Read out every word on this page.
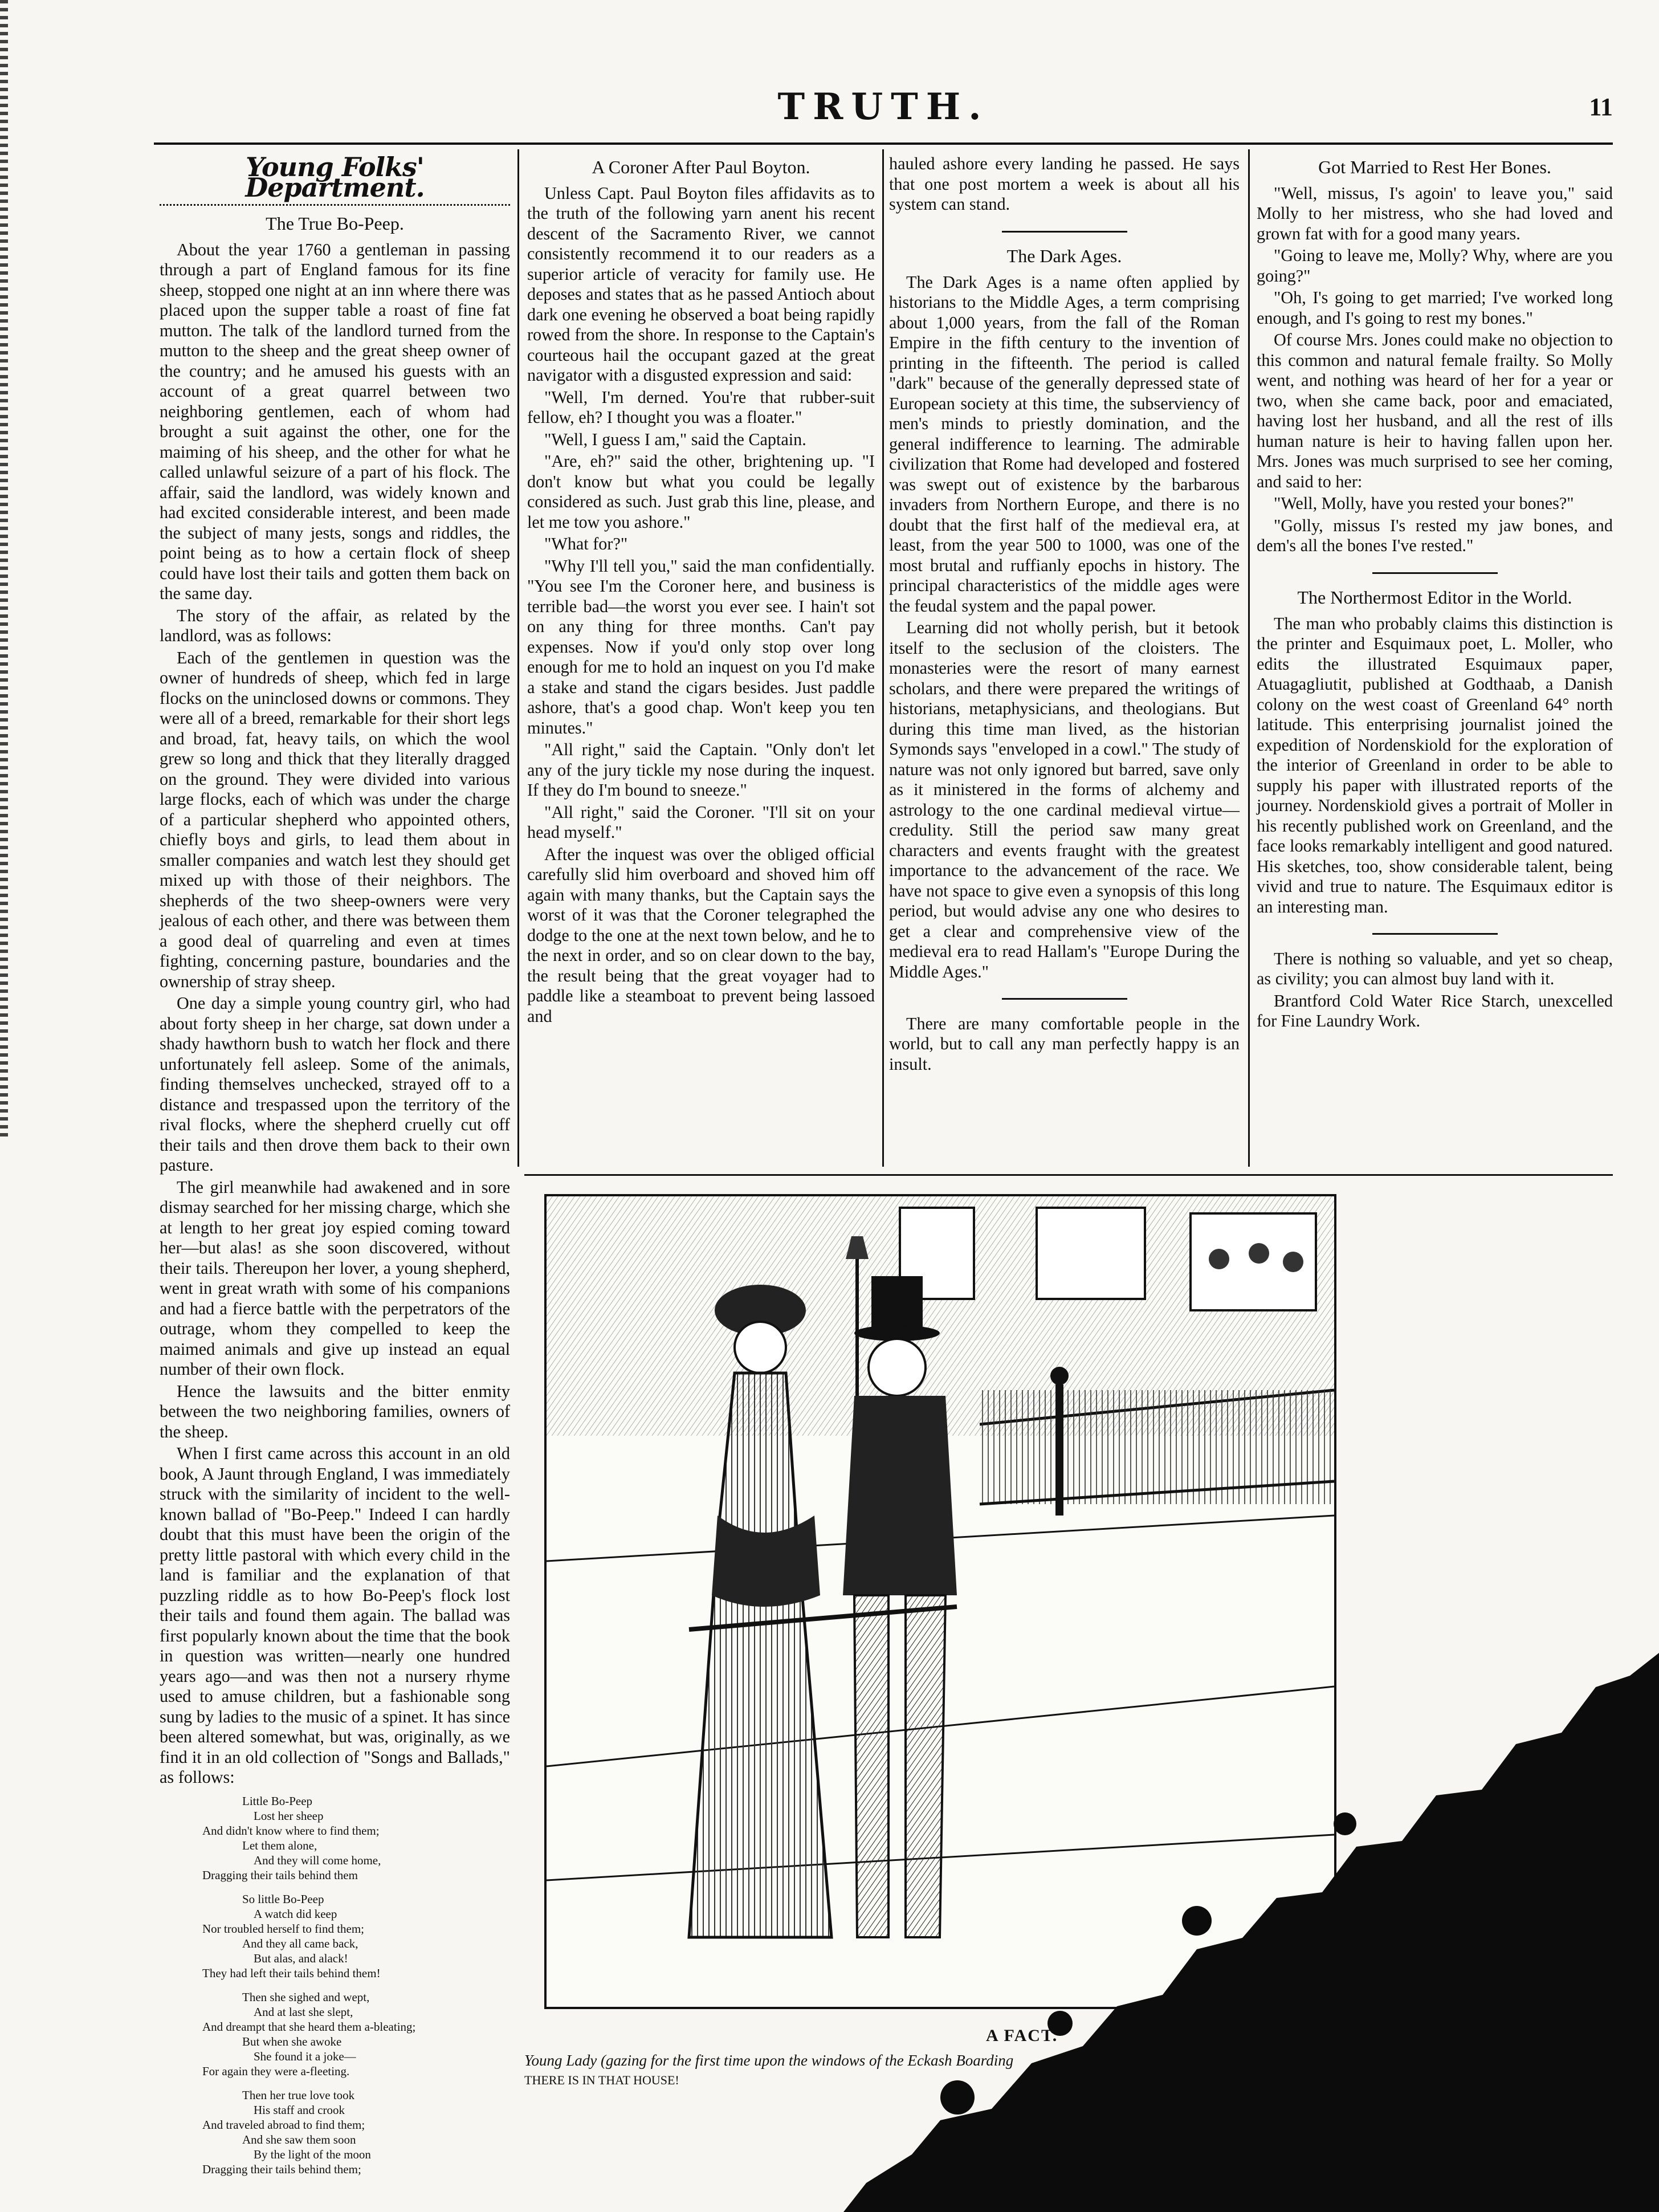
TRUTH.	11
Young Folks' Department.
The True Bo-Peep.

About the year 1760 a gentleman in passing through a part of England famous for its fine sheep, stopped one night at an inn where there was placed upon the supper table a roast of fine fat mutton. The talk of the landlord turned from the mutton to the sheep and the great sheep owner of the country; and he amused his guests with an account of a great quarrel between two neighboring gentlemen, each of whom had brought a suit against the other, one for the maiming of his sheep, and the other for what he called unlawful seizure of a part of his flock. The affair, said the landlord, was widely known and had excited considerable interest, and been made the subject of many jests, songs and riddles, the point being as to how a certain flock of sheep could have lost their tails and gotten them back on the same day.

The story of the affair, as related by the landlord, was as follows:

Each of the gentlemen in question was the owner of hundreds of sheep, which fed in large flocks on the uninclosed downs or commons. They were all of a breed, remarkable for their short legs and broad, fat, heavy tails, on which the wool grew so long and thick that they literally dragged on the ground. They were divided into various large flocks, each of which was under the charge of a particular shepherd who appointed others, chiefly boys and girls, to lead them about in smaller companies and watch lest they should get mixed up with those of their neighbors. The shepherds of the two sheep-owners were very jealous of each other, and there was between them a good deal of quarreling and even at times fighting, concerning pasture, boundaries and the ownership of stray sheep.

One day a simple young country girl, who had about forty sheep in her charge, sat down under a shady hawthorn bush to watch her flock and there unfortunately fell asleep. Some of the animals, finding themselves unchecked, strayed off to a distance and trespassed upon the territory of the rival flocks, where the shepherd cruelly cut off their tails and then drove them back to their own pasture.

The girl meanwhile had awakened and in sore dismay searched for her missing charge, which she at length to her great joy espied coming toward her—but alas! as she soon discovered, without their tails. Thereupon her lover, a young shepherd, went in great wrath with some of his companions and had a fierce battle with the perpetrators of the outrage, whom they compelled to keep the maimed animals and give up instead an equal number of their own flock.

Hence the lawsuits and the bitter enmity between the two neighboring families, owners of the sheep.

When I first came across this account in an old book, A Jaunt through England, I was immediately struck with the similarity of incident to the well-known ballad of "Bo-Peep." Indeed I can hardly doubt that this must have been the origin of the pretty little pastoral with which every child in the land is familiar and the explanation of that puzzling riddle as to how Bo-Peep's flock lost their tails and found them again. The ballad was first popularly known about the time that the book in question was written—nearly one hundred years ago—and was then not a nursery rhyme used to amuse children, but a fashionable song sung by ladies to the music of a spinet. It has since been altered somewhat, but was, originally, as we find it in an old collection of "Songs and Ballads," as follows:

Little Bo-Peep
Lost her sheep
And didn't know where to find them;
Let them alone,
And they will come home,
Dragging their tails behind them
So little Bo-Peep
A watch did keep
Nor troubled herself to find them;
And they all came back,
But alas, and alack!
They had left their tails behind them!
Then she sighed and wept,
And at last she slept,
And dreampt that she heard them a-bleating;
But when she awoke
She found it a joke—
For again they were a-fleeting.
Then her true love took
His staff and crook
And traveled abroad to find them;
And she saw them soon
By the light of the moon
Dragging their tails behind them;
A Coroner After Paul Boyton.

Unless Capt. Paul Boyton files affidavits as to the truth of the following yarn anent his recent descent of the Sacramento River, we cannot consistently recommend it to our readers as a superior article of veracity for family use. He deposes and states that as he passed Antioch about dark one evening he observed a boat being rapidly rowed from the shore. In response to the Captain's courteous hail the occupant gazed at the great navigator with a disgusted expression and said:

"Well, I'm derned. You're that rubber-suit fellow, eh? I thought you was a floater."

"Well, I guess I am," said the Captain.

"Are, eh?" said the other, brightening up. "I don't know but what you could be legally considered as such. Just grab this line, please, and let me tow you ashore."

"What for?"

"Why I'll tell you," said the man confidentially. "You see I'm the Coroner here, and business is terrible bad—the worst you ever see. I hain't sot on any thing for three months. Can't pay expenses. Now if you'd only stop over long enough for me to hold an inquest on you I'd make a stake and stand the cigars besides. Just paddle ashore, that's a good chap. Won't keep you ten minutes."

"All right," said the Captain. "Only don't let any of the jury tickle my nose during the inquest. If they do I'm bound to sneeze."

"All right," said the Coroner. "I'll sit on your head myself."

After the inquest was over the obliged official carefully slid him overboard and shoved him off again with many thanks, but the Captain says the worst of it was that the Coroner telegraphed the dodge to the one at the next town below, and he to the next in order, and so on clear down to the bay, the result being that the great voyager had to paddle like a steamboat to prevent being lassoed and

hauled ashore every landing he passed. He says that one post mortem a week is about all his system can stand.

The Dark Ages.

The Dark Ages is a name often applied by historians to the Middle Ages, a term comprising about 1,000 years, from the fall of the Roman Empire in the fifth century to the invention of printing in the fifteenth. The period is called "dark" because of the generally depressed state of European society at this time, the subserviency of men's minds to priestly domination, and the general indifference to learning. The admirable civilization that Rome had developed and fostered was swept out of existence by the barbarous invaders from Northern Europe, and there is no doubt that the first half of the medieval era, at least, from the year 500 to 1000, was one of the most brutal and ruffianly epochs in history. The principal characteristics of the middle ages were the feudal system and the papal power.

Learning did not wholly perish, but it betook itself to the seclusion of the cloisters. The monasteries were the resort of many earnest scholars, and there were prepared the writings of historians, metaphysicians, and theologians. But during this time man lived, as the historian Symonds says "enveloped in a cowl." The study of nature was not only ignored but barred, save only as it ministered in the forms of alchemy and astrology to the one cardinal medieval virtue—credulity. Still the period saw many great characters and events fraught with the greatest importance to the advancement of the race. We have not space to give even a synopsis of this long period, but would advise any one who desires to get a clear and comprehensive view of the medieval era to read Hallam's "Europe During the Middle Ages."

There are many comfortable people in the world, but to call any man perfectly happy is an insult.

Got Married to Rest Her Bones.

"Well, missus, I's agoin' to leave you," said Molly to her mistress, who she had loved and grown fat with for a good many years.

"Going to leave me, Molly? Why, where are you going?"

"Oh, I's going to get married; I've worked long enough, and I's going to rest my bones."

Of course Mrs. Jones could make no objection to this common and natural female frailty. So Molly went, and nothing was heard of her for a year or two, when she came back, poor and emaciated, having lost her husband, and all the rest of ills human nature is heir to having fallen upon her. Mrs. Jones was much surprised to see her coming, and said to her:

"Well, Molly, have you rested your bones?"

"Golly, missus I's rested my jaw bones, and dem's all the bones I've rested."

The Northermost Editor in the World.

The man who probably claims this distinction is the printer and Esquimaux poet, L. Moller, who edits the illustrated Esquimaux paper, Atuagagliutit, published at Godthaab, a Danish colony on the west coast of Greenland 64° north latitude. This enterprising journalist joined the expedition of Nordenskiold for the exploration of the interior of Greenland in order to be able to supply his paper with illustrated reports of the journey. Nordenskiold gives a portrait of Moller in his recently published work on Greenland, and the face looks remarkably intelligent and good natured. His sketches, too, show considerable talent, being vivid and true to nature. The Esquimaux editor is an interesting man.

There is nothing so valuable, and yet so cheap, as civility; you can almost buy land with it.

Brantford Cold Water Rice Starch, unexcelled for Fine Laundry Work.

A FACT.
Young Lady (gazing for the first time upon the windows of the Eckash Boarding
THERE IS IN THAT HOUSE!
